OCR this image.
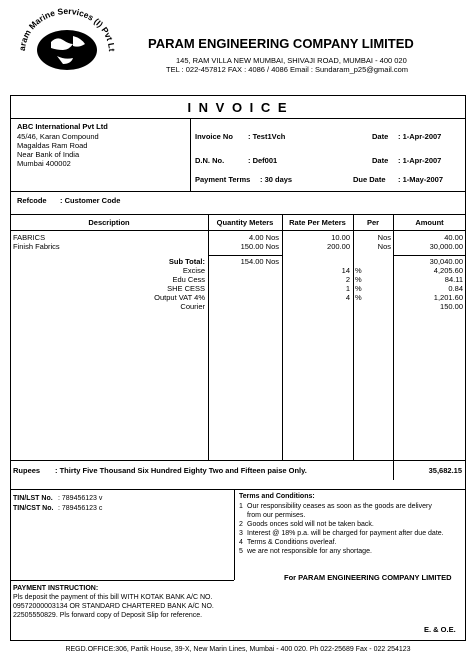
aram Marine Services (I) Pvt Lt PARAM ENGINEERING COMPANY LIMITED
145, RAM VILLA NEW MUMBAI, SHIVAJI ROAD, MUMBAI - 400 020
TEL : 022-457812 FAX : 4086 / 4086 Email : Sundaram_p25@gmail.com
I N V O I C E
ABC International Pvt Ltd
45/46, Karan Compound
Magaldas Ram Road
Near Bank of India
Mumbai 400002
Invoice No : Test1Vch	Date : 1-Apr-2007
D.N. No.	: Def001	Date : 1-Apr-2007
Payment Terms : 30 days	Due Date : 1-May-2007
Refcode : Customer Code
Description	Quantity Meters	Rate Per Meters	Per	Amount
FABRICS	4.00 Nos	10.00	Nos	40.00
Finish Fabrics	150.00 Nos	200.00	Nos	30,000.00
Sub Total:	154.00 Nos	30,040.00
Excise	14 %	4,205.60
Edu Cess	2 %	84.11
SHE CESS	1 %	0.84
Output VAT 4%	4 %	1,201.60
Courier	150.00
Rupees : Thirty Five Thousand Six Hundred Eighty Two and Fifteen paise Only.	35,682.15
TIN/LST No. : 789456123 v
TIN/CST No. : 789456123 c
Terms and Conditions:
1 Our responsibility ceases as soon as the goods are delivery
from our permises.
2 Goods onces sold will not be taken back.
3 Interest @ 18% p.a. will be charged for payment after due date.
4 Terms & Conditions overleaf.
5 we are not responsible for any shortage.
For PARAM ENGINEERING COMPANY LIMITED
PAYMENT INSTRUCTION:
Pls deposit the payment of this bill WITH KOTAK BANK A/C NO.
09572000003134 OR STANDARD CHARTERED BANK A/C NO.
22505550829. Pls forward copy of Deposit Slip for reference.
E. & O.E.
REGD.OFFICE:306, Partik House, 39-X, New Marin Lines, Mumbai - 400 020. Ph 022-25689 Fax - 022 254123
